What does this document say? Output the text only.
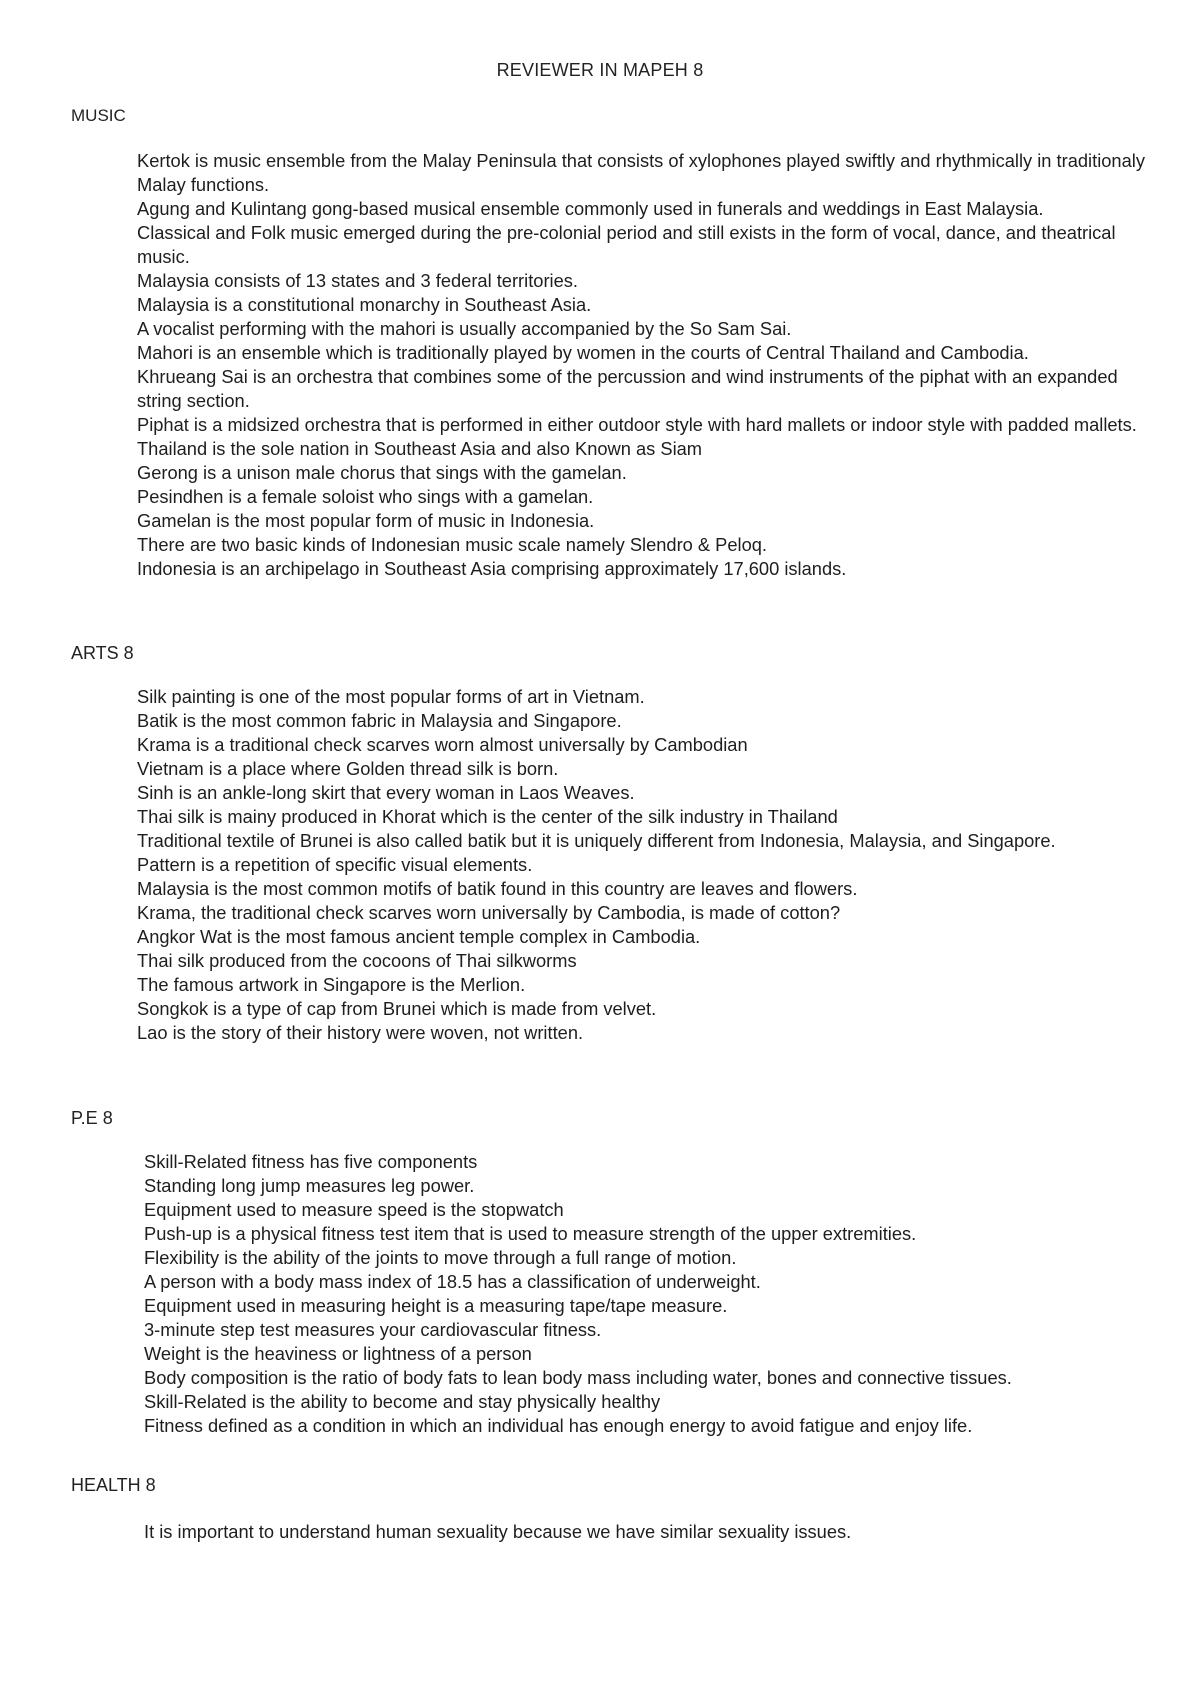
REVIEWER IN MAPEH 8
MUSIC
Kertok is music ensemble from the Malay Peninsula that consists of xylophones played swiftly and rhythmically in traditionaly Malay functions.
Agung and Kulintang gong-based musical ensemble commonly used in funerals and weddings in East Malaysia.
Classical and Folk music emerged during the pre-colonial period and still exists in the form of vocal, dance, and theatrical music.
Malaysia consists of 13 states and 3 federal territories.
Malaysia is a constitutional monarchy in Southeast Asia.
A vocalist performing with the mahori is usually accompanied by the So Sam Sai.
Mahori is an ensemble which is traditionally played by women in the courts of Central Thailand and Cambodia.
Khrueang Sai is an orchestra that combines some of the percussion and wind instruments of the piphat with an expanded string section.
Piphat is a midsized orchestra that is performed in either outdoor style with hard mallets or indoor style with padded mallets.
Thailand is the sole nation in Southeast Asia and also Known as Siam
Gerong is a unison male chorus that sings with the gamelan.
Pesindhen is a female soloist who sings with a gamelan.
Gamelan is the most popular form of music in Indonesia.
There are two basic kinds of Indonesian music scale namely Slendro & Peloq.
Indonesia is an archipelago in Southeast Asia comprising approximately 17,600 islands.
ARTS 8
Silk painting is one of the most popular forms of art in Vietnam.
Batik is the most common fabric in Malaysia and Singapore.
Krama is a traditional check scarves worn almost universally by Cambodian
Vietnam is a place where Golden thread silk is born.
Sinh is an ankle-long skirt that every woman in Laos Weaves.
Thai silk is mainy produced in Khorat which is the center of the silk industry in Thailand
Traditional textile of Brunei is also called batik but it is uniquely different from Indonesia, Malaysia, and Singapore.
Pattern is a repetition of specific visual elements.
Malaysia is the most common motifs of batik found in this country are leaves and flowers.
Krama, the traditional check scarves worn universally by Cambodia, is made of cotton?
Angkor Wat is the most famous ancient temple complex in Cambodia.
Thai silk produced from the cocoons of Thai silkworms
The famous artwork in Singapore is the Merlion.
Songkok is a type of cap from Brunei which is made from velvet.
Lao is the story of their history were woven, not written.
P.E 8
Skill-Related fitness has five components
Standing long jump measures leg power.
Equipment used to measure speed is the stopwatch
Push-up is a physical fitness test item that is used to measure strength of the upper extremities.
Flexibility is the ability of the joints to move through a full range of motion.
A person with a body mass index of 18.5 has a classification of underweight.
Equipment used in measuring height is a measuring tape/tape measure.
3-minute step test measures your cardiovascular fitness.
Weight is the heaviness or lightness of a person
Body composition is the ratio of body fats to lean body mass including water, bones and connective tissues.
Skill-Related is the ability to become and stay physically healthy
Fitness defined as a condition in which an individual has enough energy to avoid fatigue and enjoy life.
HEALTH 8
It is important to understand human sexuality because we have similar sexuality issues.
